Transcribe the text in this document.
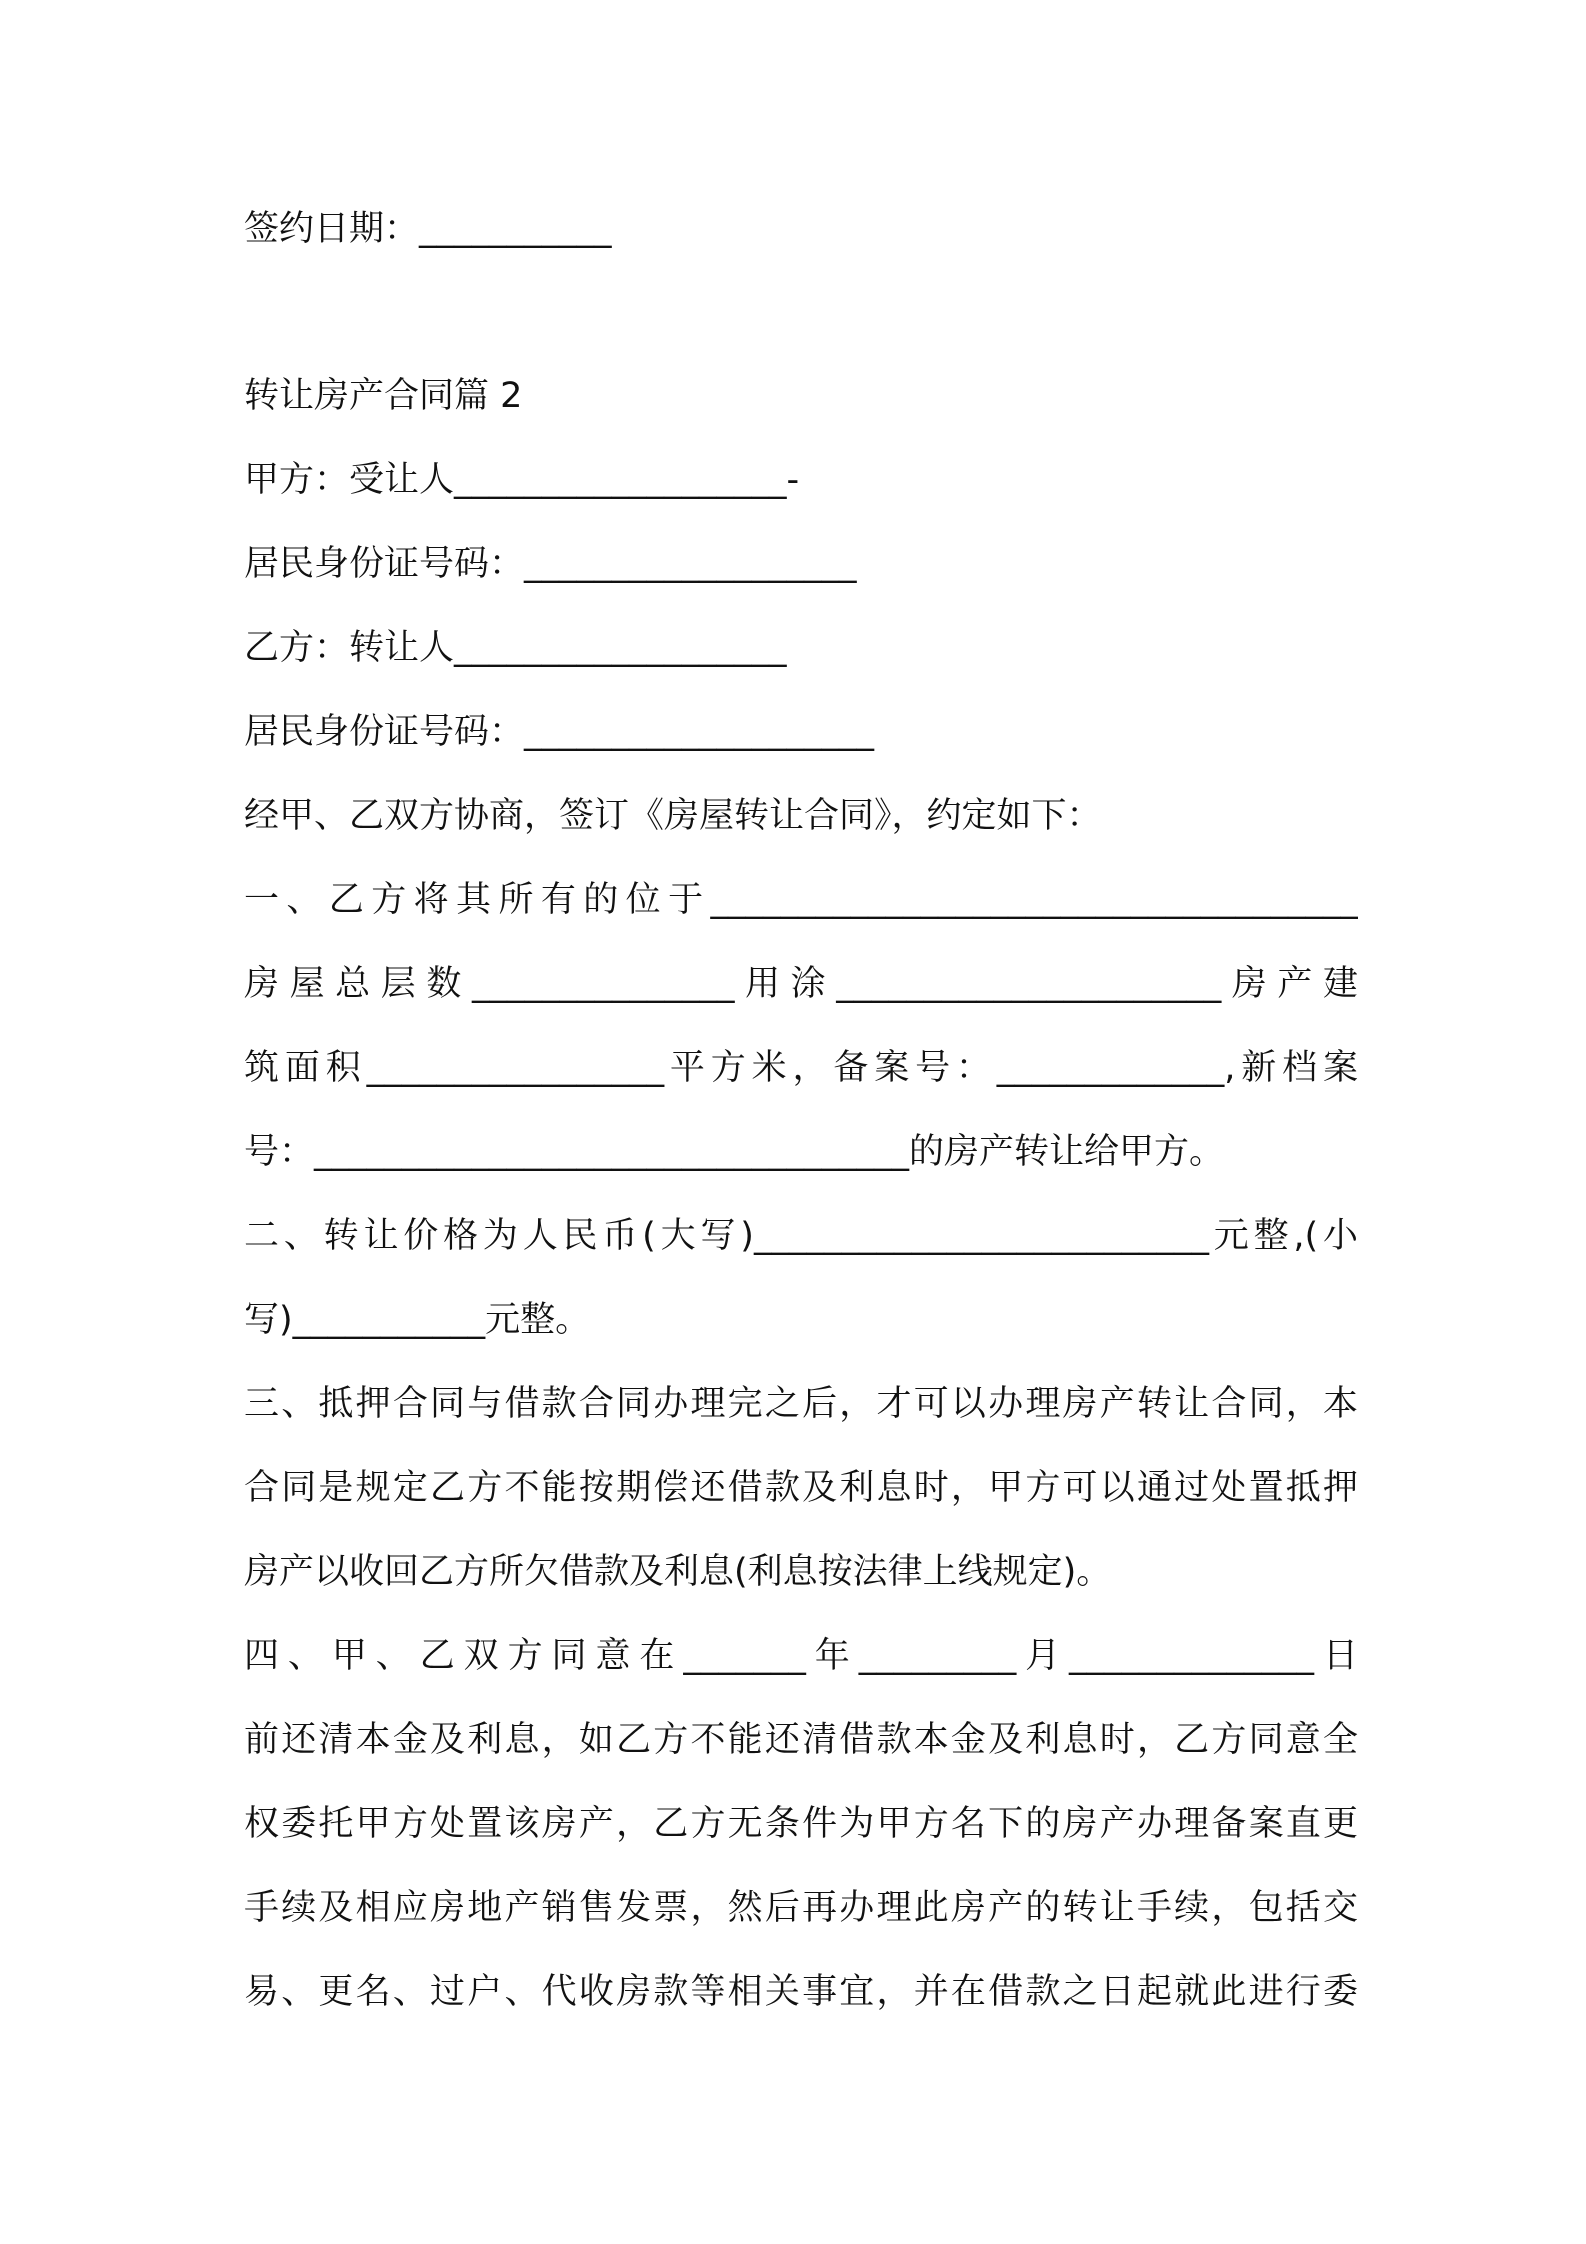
签约日期：___________
转让房产合同篇 2
甲方：受让人___________________-
居民身份证号码：___________________
乙方：转让人___________________
居民身份证号码：____________________
经甲、乙双方协商，签订《房屋转让合同》，约定如下：
一、乙方将其所有的位于_____________________________________
房屋总层数_______________用涂______________________房产建
筑面积_________________平方米，备案号：_____________,新档案
号：__________________________________的房产转让给甲方。
二、转让价格为人民币(大写)__________________________元整,(小
写)___________元整。
三、抵押合同与借款合同办理完之后，才可以办理房产转让合同，本
合同是规定乙方不能按期偿还借款及利息时，甲方可以通过处置抵押
房产以收回乙方所欠借款及利息(利息按法律上线规定)。
四、甲、乙双方同意在_______年_________月______________日
前还清本金及利息，如乙方不能还清借款本金及利息时，乙方同意全
权委托甲方处置该房产，乙方无条件为甲方名下的房产办理备案直更
手续及相应房地产销售发票，然后再办理此房产的转让手续，包括交
易、更名、过户、代收房款等相关事宜，并在借款之日起就此进行委
